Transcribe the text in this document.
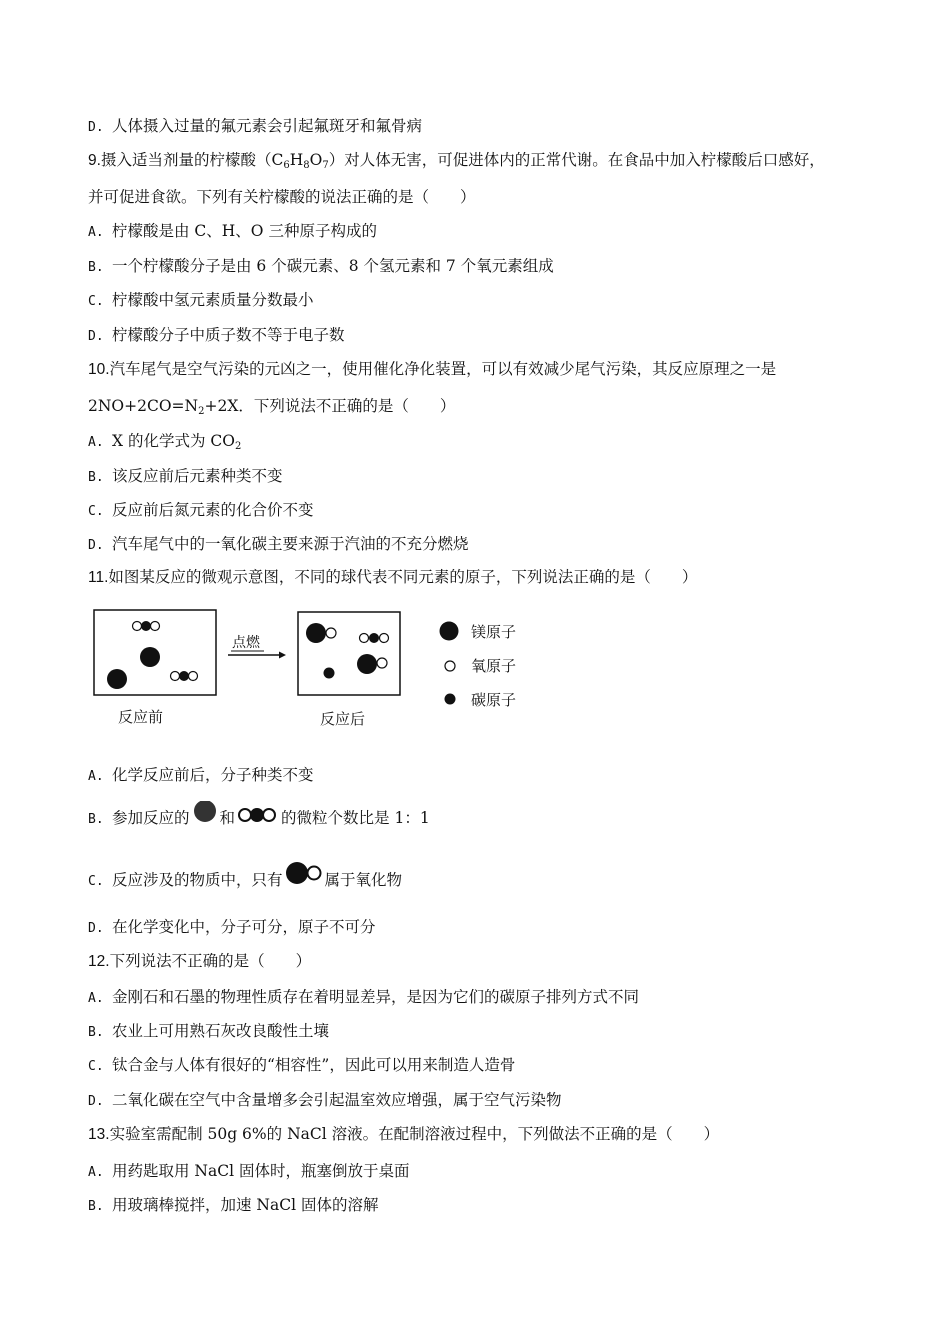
D. 人体摄入过量的氟元素会引起氟斑牙和氟骨病
9.摄入适当剂量的柠檬酸$(C_6H_8O_7)$对人体无害，可促进体内的正常代谢。在食品中加入柠檬酸后口感好，
并可促进食欲。下列有关柠檬酸的说法正确的是（　　）
A. 柠檬酸是由 C、H、O 三种原子构成的
B. 一个柠檬酸分子是由 6 个碳元素、8 个氢元素和 7 个氧元素组成
C. 柠檬酸中氢元素质量分数最小
D. 柠檬酸分子中质子数不等于电子数
10.汽车尾气是空气污染的元凶之一，使用催化净化装置，可以有效减少尾气污染，其反应原理之一是
$2NO+2CO=N_2+2X$．下列说法不正确的是（　　）
A. X 的化学式为 $CO_2$
B. 该反应前后元素种类不变
C. 反应前后氮元素的化合价不变
D. 汽车尾气中的一氧化碳主要来源于汽油的不充分燃烧
11.如图某反应的微观示意图，不同的球代表不同元素的原子，下列说法正确的是（　　）
反应前
点燃
反应后
镁原子
氧原子
碳原子
A. 化学反应前后，分子种类不变
B. 参加反应的 和	的微粒个数比是 1：1
C. 反应涉及的物质中，只有	属于氧化物
D. 在化学变化中，分子可分，原子不可分
12.下列说法不正确的是（　　）
A. 金刚石和石墨的物理性质存在着明显差异，是因为它们的碳原子排列方式不同
B. 农业上可用熟石灰改良酸性土壤
C. 钛合金与人体有很好的“相容性”，因此可以用来制造人造骨
D. 二氧化碳在空气中含量增多会引起温室效应增强，属于空气污染物
13.实验室需配制 50g 6%的 NaCl 溶液。在配制溶液过程中，下列做法不正确的是（　　）
A. 用药匙取用 NaCl 固体时，瓶塞倒放于桌面
B. 用玻璃棒搅拌，加速 NaCl 固体的溶解
